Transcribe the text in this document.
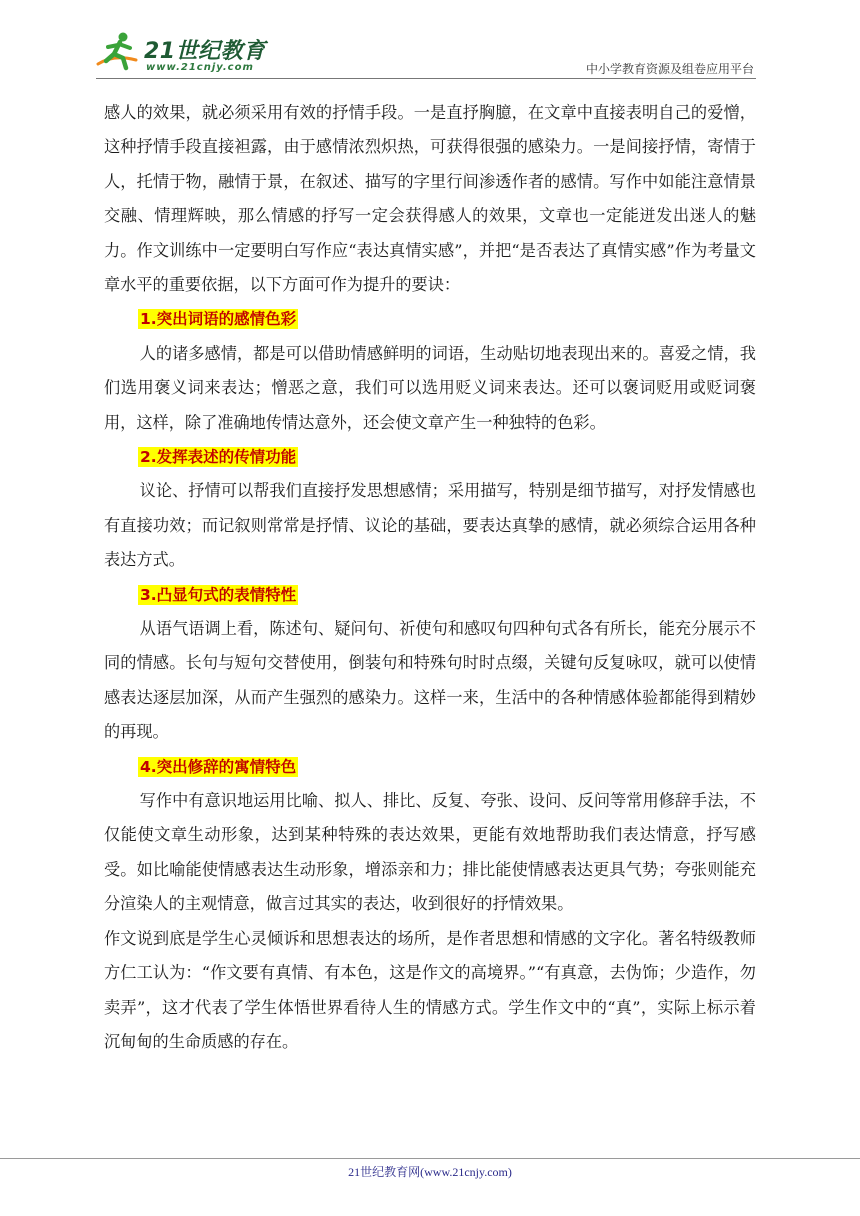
21世纪教育
www.21cnjy.com	中小学教育资源及组卷应用平台

感人的效果，就必须采用有效的抒情手段。一是直抒胸臆，在文章中直接表明自己的爱憎，这种抒情手段直接袒露，由于感情浓烈炽热，可获得很强的感染力。一是间接抒情，寄情于人，托情于物，融情于景，在叙述、描写的字里行间渗透作者的感情。写作中如能注意情景交融、情理辉映，那么情感的抒写一定会获得感人的效果，文章也一定能迸发出迷人的魅力。作文训练中一定要明白写作应“表达真情实感”，并把“是否表达了真情实感”作为考量文章水平的重要依据，以下方面可作为提升的要诀：

1.突出词语的感情色彩

人的诸多感情，都是可以借助情感鲜明的词语，生动贴切地表现出来的。喜爱之情，我们选用褒义词来表达；憎恶之意，我们可以选用贬义词来表达。还可以褒词贬用或贬词褒用，这样，除了准确地传情达意外，还会使文章产生一种独特的色彩。

2.发挥表述的传情功能

议论、抒情可以帮我们直接抒发思想感情；采用描写，特别是细节描写，对抒发情感也有直接功效；而记叙则常常是抒情、议论的基础，要表达真挚的感情，就必须综合运用各种表达方式。

3.凸显句式的表情特性

从语气语调上看，陈述句、疑问句、祈使句和感叹句四种句式各有所长，能充分展示不同的情感。长句与短句交替使用，倒装句和特殊句时时点缀，关键句反复咏叹，就可以使情感表达逐层加深，从而产生强烈的感染力。这样一来，生活中的各种情感体验都能得到精妙的再现。

4.突出修辞的寓情特色

写作中有意识地运用比喻、拟人、排比、反复、夸张、设问、反问等常用修辞手法，不仅能使文章生动形象，达到某种特殊的表达效果，更能有效地帮助我们表达情意，抒写感受。如比喻能使情感表达生动形象，增添亲和力；排比能使情感表达更具气势；夸张则能充分渲染人的主观情意，做言过其实的表达，收到很好的抒情效果。

作文说到底是学生心灵倾诉和思想表达的场所，是作者思想和情感的文字化。著名特级教师方仁工认为：“作文要有真情、有本色，这是作文的高境界。”“有真意，去伪饰；少造作，勿卖弄”，这才代表了学生体悟世界看待人生的情感方式。学生作文中的“真”，实际上标示着沉甸甸的生命质感的存在。

21世纪教育网(www.21cnjy.com)
